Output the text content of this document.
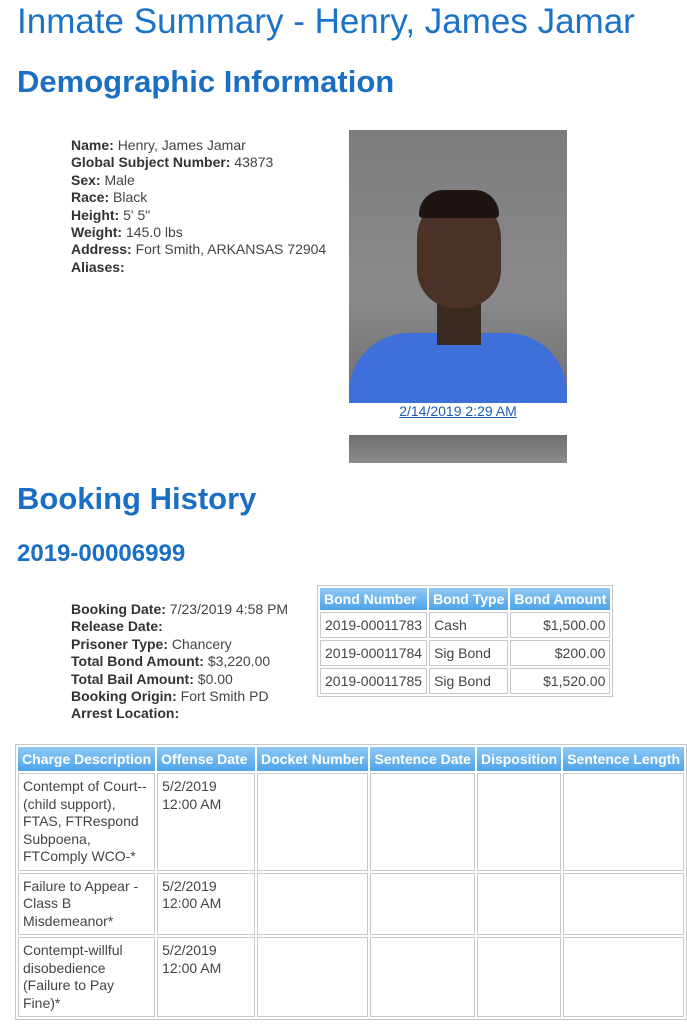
Inmate Summary - Henry, James Jamar
Demographic Information
Name: Henry, James Jamar
Global Subject Number: 43873
Sex: Male
Race: Black
Height: 5' 5"
Weight: 145.0 lbs
Address: Fort Smith, ARKANSAS 72904
Aliases:
2/14/2019 2:29 AM
Booking History
2019-00006999
Booking Date: 7/23/2019 4:58 PM
Release Date:
Prisoner Type: Chancery
Total Bond Amount: $3,220.00
Total Bail Amount: $0.00
Booking Origin: Fort Smith PD
Arrest Location:
Bond Number	Bond Type	Bond Amount
2019-00011783	Cash	$1,500.00
2019-00011784	Sig Bond	$200.00
2019-00011785	Sig Bond	$1,520.00
Charge Description	Offense Date	Docket Number	Sentence Date	Disposition	Sentence Length
Contempt of Court--(child support), FTAS, FTRespond Subpoena, FTComply WCO-*	5/2/2019 12:00 AM				
Failure to Appear - Class B Misdemeanor*	5/2/2019 12:00 AM				
Contempt-willful disobedience (Failure to Pay Fine)*	5/2/2019 12:00 AM				
